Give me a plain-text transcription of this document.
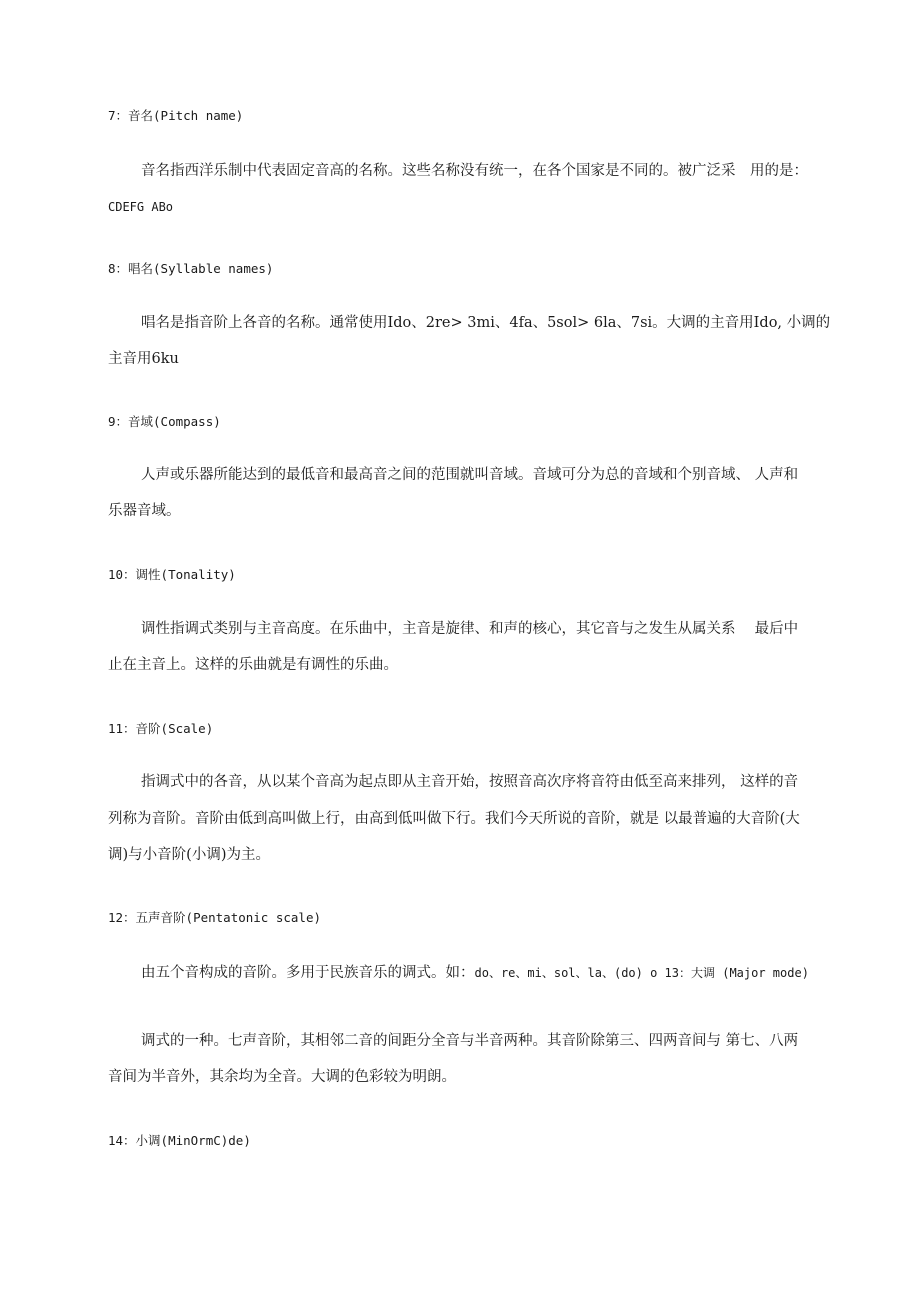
7：音名(Pitch name)
音名指西洋乐制中代表固定音高的名称。这些名称没有统一，在各个国家是不同的。被广泛采　用的是：
CDEFG ABo
8：唱名(Syllable names)
唱名是指音阶上各音的名称。通常使用Ido、2re> 3mi、4fa、5sol> 6la、7si。大调的主音用Ido, 小调的
主音用6ku
9：音域(Compass)
人声或乐器所能达到的最低音和最高音之间的范围就叫音域。音域可分为总的音域和个别音域、 人声和
乐器音域。
10：调性(Tonality)
调性指调式类别与主音高度。在乐曲中，主音是旋律、和声的核心，其它音与之发生从属关系　 最后中
止在主音上。这样的乐曲就是有调性的乐曲。
11：音阶(Scale)
指调式中的各音，从以某个音高为起点即从主音开始，按照音高次序将音符由低至高来排列， 这样的音
列称为音阶。音阶由低到高叫做上行，由高到低叫做下行。我们今天所说的音阶，就是 以最普遍的大音阶(大
调)与小音阶(小调)为主。
12：五声音阶(Pentatonic scale)
由五个音构成的音阶。多用于民族音乐的调式。如：do、re、mi、sol、la、(do) o 13：大调 (Major mode)
调式的一种。七声音阶，其相邻二音的间距分全音与半音两种。其音阶除第三、四两音间与 第七、八两
音间为半音外，其余均为全音。大调的色彩较为明朗。
14：小调(MinOrmC)de)
